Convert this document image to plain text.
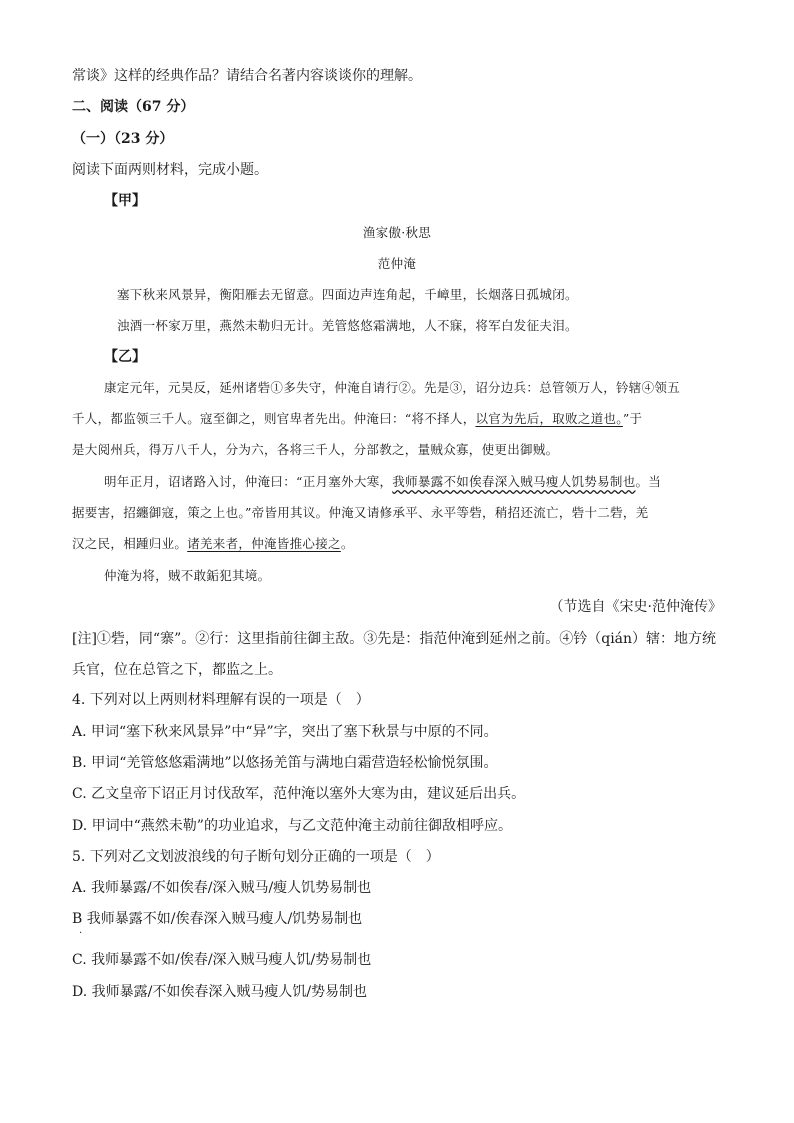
常谈》这样的经典作品？请结合名著内容谈谈你的理解。
二、阅读（67 分）
（一）（23 分）
阅读下面两则材料，完成小题。
【甲】
渔家傲·秋思
范仲淹
塞下秋来风景异，衡阳雁去无留意。四面边声连角起，千嶂里，长烟落日孤城闭。
浊酒一杯家万里，燕然未勒归无计。羌管悠悠霜满地，人不寐，将军白发征夫泪。
【乙】
康定元年，元昊反，延州诸砦①多失守，仲淹自请行②。先是③，诏分边兵：总管领万人，钤辖④领五
千人，都监领三千人。寇至御之，则官卑者先出。仲淹曰：“将不择人，以官为先后，取败之道也。”于
是大阅州兵，得万八千人，分为六，各将三千人，分部教之，量贼众寡，使更出御贼。
明年正月，诏诸路入讨，仲淹曰：“正月塞外大寒，我师暴露不如俟春深入贼马瘦人饥势易制也。当
据要害，招纏御寇，策之上也。”帝皆用其议。仲淹又请修承平、永平等砦，稍招还流亡，砦十二砦，羌
汉之民，相踵归业。诸羌来者，仲淹皆推心接之。
仲淹为将，贼不敢銗犯其境。
（节选自《宋史·范仲淹传》
[注]①砦，同“寨”。②行：这里指前往御主敌。③先是：指范仲淹到延州之前。④钤（qián）辖：地方统
兵官，位在总管之下，都监之上。
4. 下列对以上两则材料理解有误的一项是（　）
A. 甲词“塞下秋来风景异”中“异”字，突出了塞下秋景与中原的不同。
B. 甲词“羌管悠悠霜满地”以悠扬羌笛与满地白霜营造轻松愉悦氛围。
C. 乙文皇帝下诏正月讨伐敌军，范仲淹以塞外大寒为由，建议延后出兵。
D. 甲词中“燕然未勒”的功业追求，与乙文范仲淹主动前往御敌相呼应。
5. 下列对乙文划波浪线的句子断句划分正确的一项是（　）
A. 我师暴露/不如俟春/深入贼马/瘦人饥势易制也
B 我师暴露不如/俟春深入贼马瘦人/饥势易制也
.
C. 我师暴露不如/俟春/深入贼马瘦人饥/势易制也
D. 我师暴露/不如俟春深入贼马瘦人饥/势易制也
